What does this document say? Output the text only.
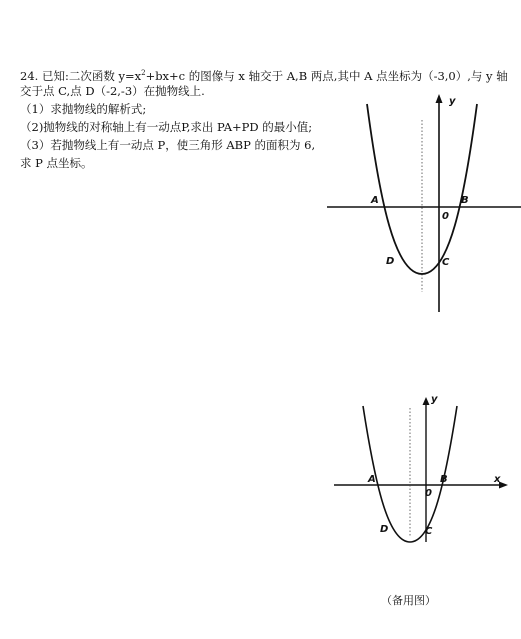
24. 已知:二次函数 $y=x^2+bx+c$ 的图像与 x 轴交于 A,B 两点,其中 A 点坐标为（-3,0）,与 y 轴
交于点 C,点 D（-2,-3）在抛物线上.
（1）求抛物线的解析式;
（2)抛物线的对称轴上有一动点P,求出 PA+PD 的最小值;
（3）若抛物线上有一动点 P，使三角形 ABP 的面积为 6,
求 P 点坐标。
y
A	B
0
C
D
y
x
A	B
0
C
D
（备用图）
